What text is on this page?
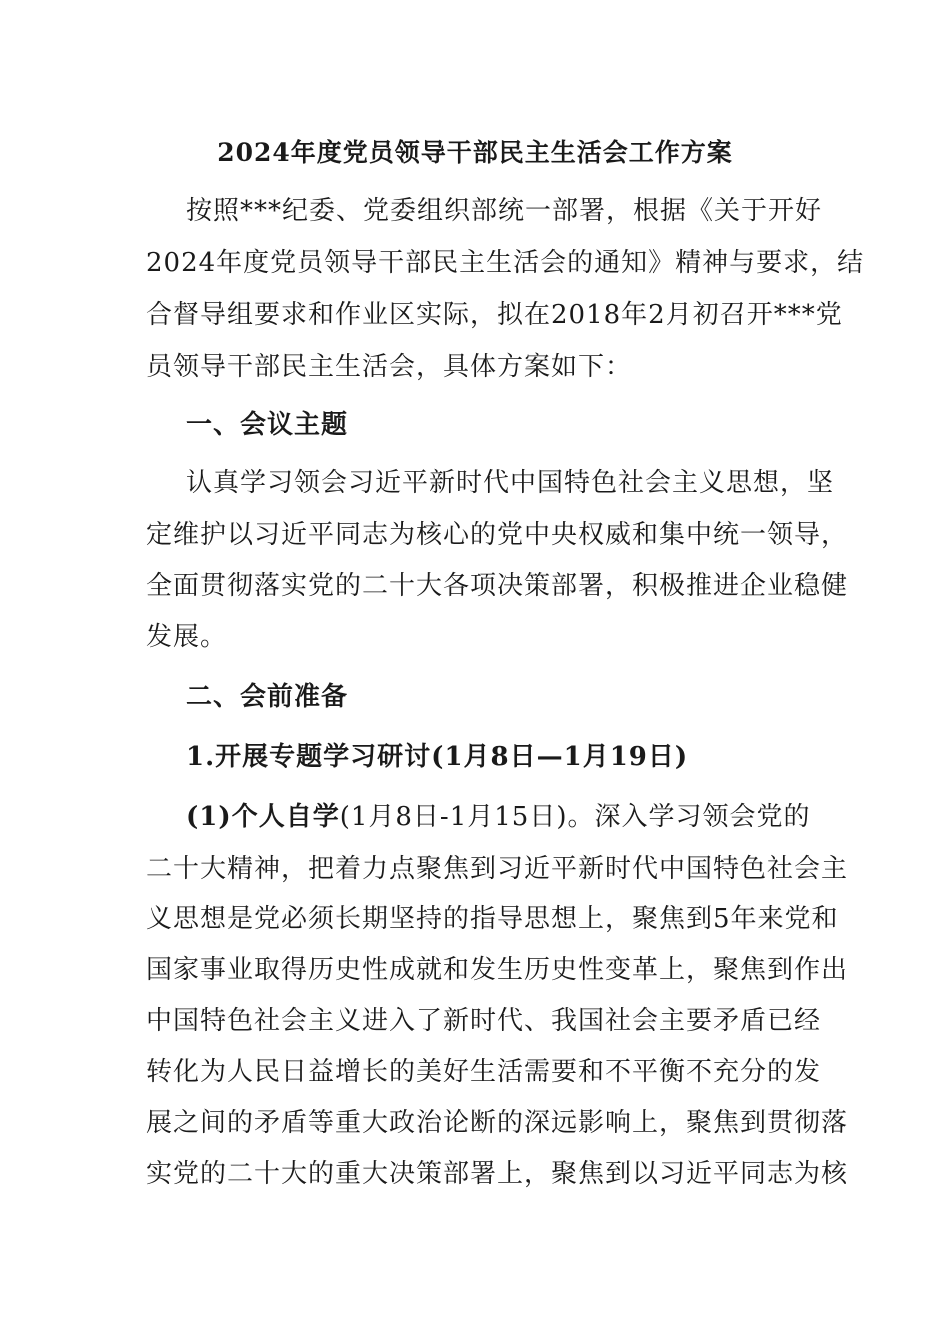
2024年度党员领导干部民主生活会工作方案
按照***纪委、党委组织部统一部署，根据《关于开好
2024年度党员领导干部民主生活会的通知》精神与要求，结
合督导组要求和作业区实际，拟在2018年2月初召开***党
员领导干部民主生活会，具体方案如下：
一、会议主题
认真学习领会习近平新时代中国特色社会主义思想，坚
定维护以习近平同志为核心的党中央权威和集中统一领导，
全面贯彻落实党的二十大各项决策部署，积极推进企业稳健
发展。
二、会前准备
1.开展专题学习研讨(1月8日—1月19日)
(1)个人自学(1月8日-1月15日)。深入学习领会党的
二十大精神，把着力点聚焦到习近平新时代中国特色社会主
义思想是党必须长期坚持的指导思想上，聚焦到5年来党和
国家事业取得历史性成就和发生历史性变革上，聚焦到作出
中国特色社会主义进入了新时代、我国社会主要矛盾已经
转化为人民日益增长的美好生活需要和不平衡不充分的发
展之间的矛盾等重大政治论断的深远影响上，聚焦到贯彻落
实党的二十大的重大决策部署上，聚焦到以习近平同志为核
